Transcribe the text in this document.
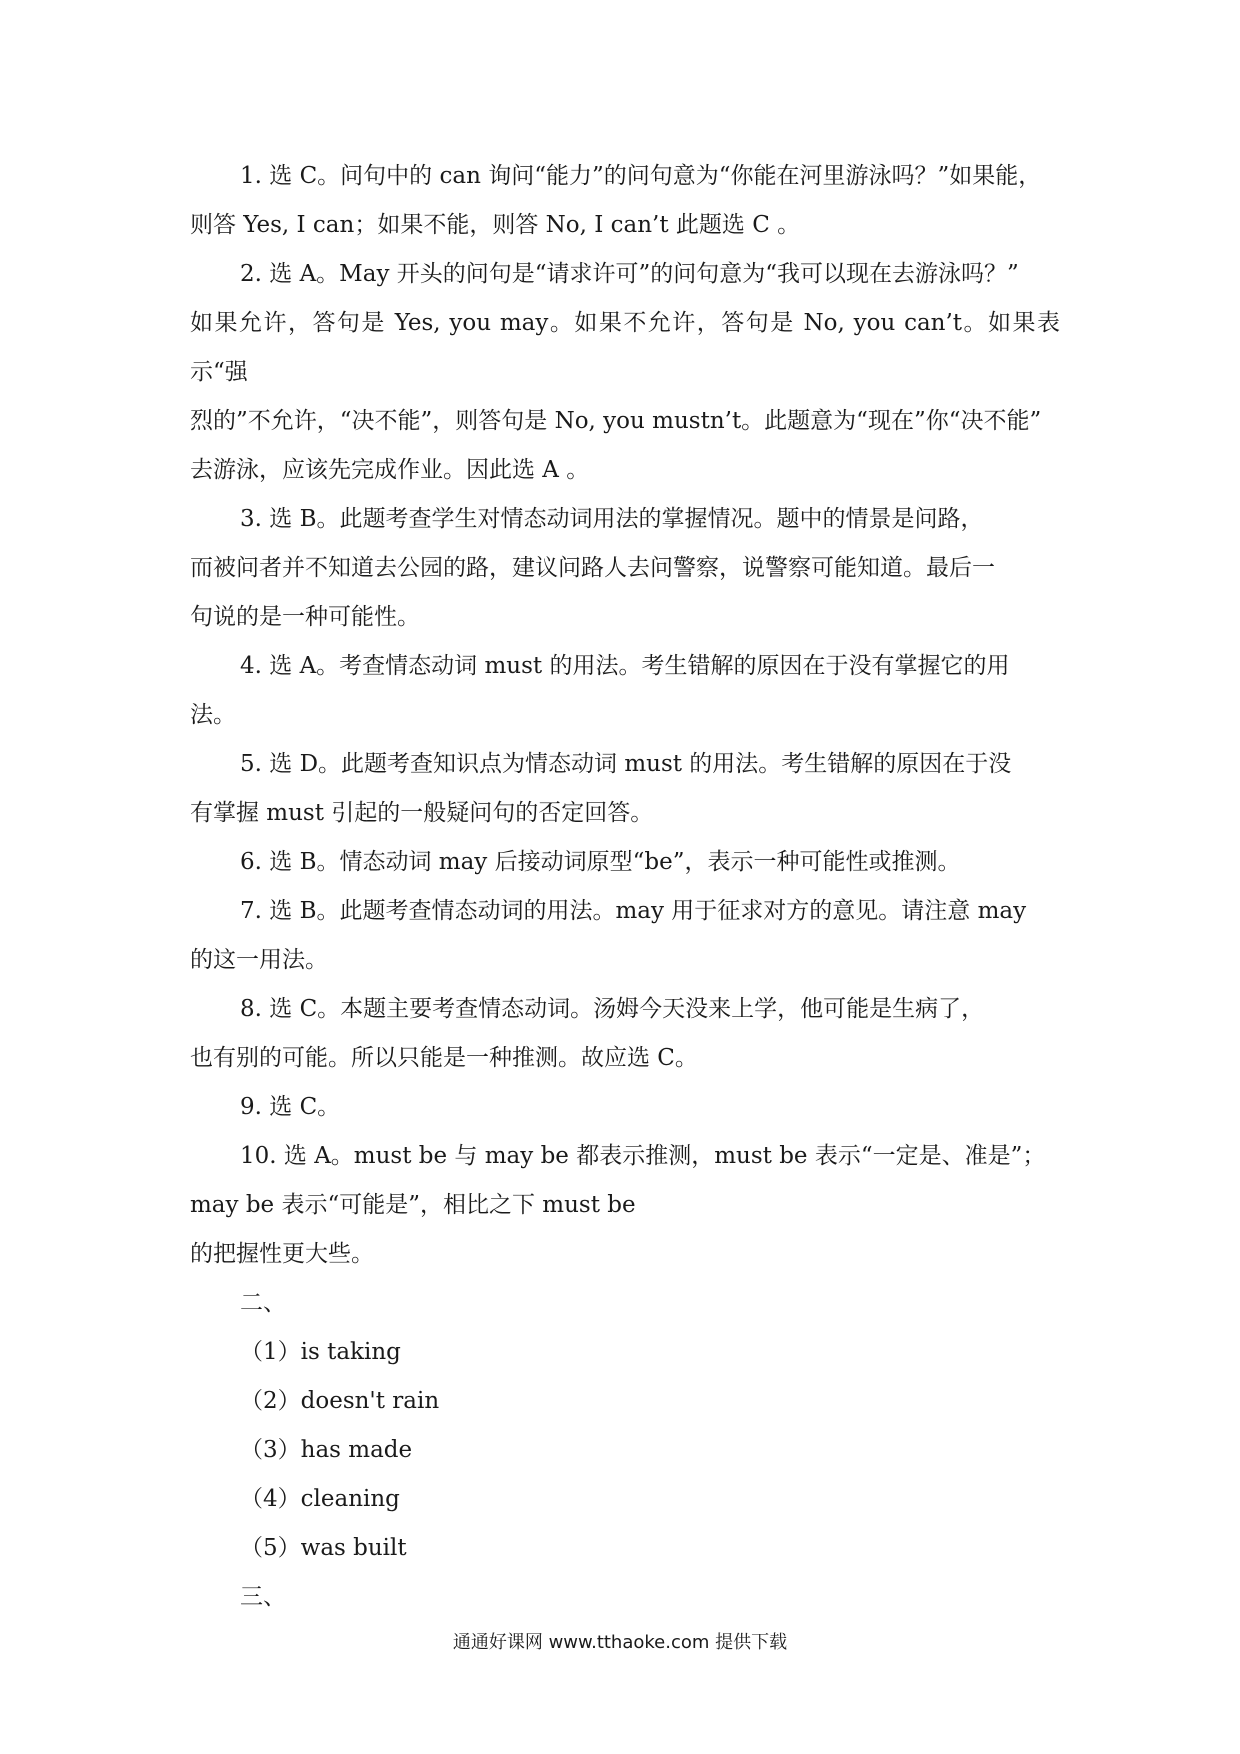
1. 选 C。问句中的 can 询问“能力”的问句意为“你能在河里游泳吗？”如果能，

则答 Yes, I can；如果不能，则答 No, I can’t 此题选 C 。

2. 选 A。May 开头的问句是“请求许可”的问句意为“我可以现在去游泳吗？”

如果允许，答句是 Yes, you may。如果不允许，答句是 No, you can’t。如果表示“强

烈的”不允许，“决不能”，则答句是 No, you mustn’t。此题意为“现在”你“决不能”

去游泳，应该先完成作业。因此选 A 。

3. 选 B。此题考查学生对情态动词用法的掌握情况。题中的情景是问路，

而被问者并不知道去公园的路，建议问路人去问警察，说警察可能知道。最后一

句说的是一种可能性。

4. 选 A。考查情态动词 must 的用法。考生错解的原因在于没有掌握它的用

法。

5. 选 D。此题考查知识点为情态动词 must 的用法。考生错解的原因在于没

有掌握 must 引起的一般疑问句的否定回答。

6. 选 B。情态动词 may 后接动词原型“be”，表示一种可能性或推测。

7. 选 B。此题考查情态动词的用法。may 用于征求对方的意见。请注意 may

的这一用法。

8. 选 C。本题主要考查情态动词。汤姆今天没来上学，他可能是生病了，

也有别的可能。所以只能是一种推测。故应选 C。

9. 选 C。

10. 选 A。must be 与 may be 都表示推测，must be 表示“一定是、准是”；

may be 表示“可能是”，相比之下 must be

的把握性更大些。

二、

（1）is taking

（2）doesn't rain

（3）has made

（4）cleaning

（5）was built

三、

通通好课网 www.tthaoke.com 提供下载
